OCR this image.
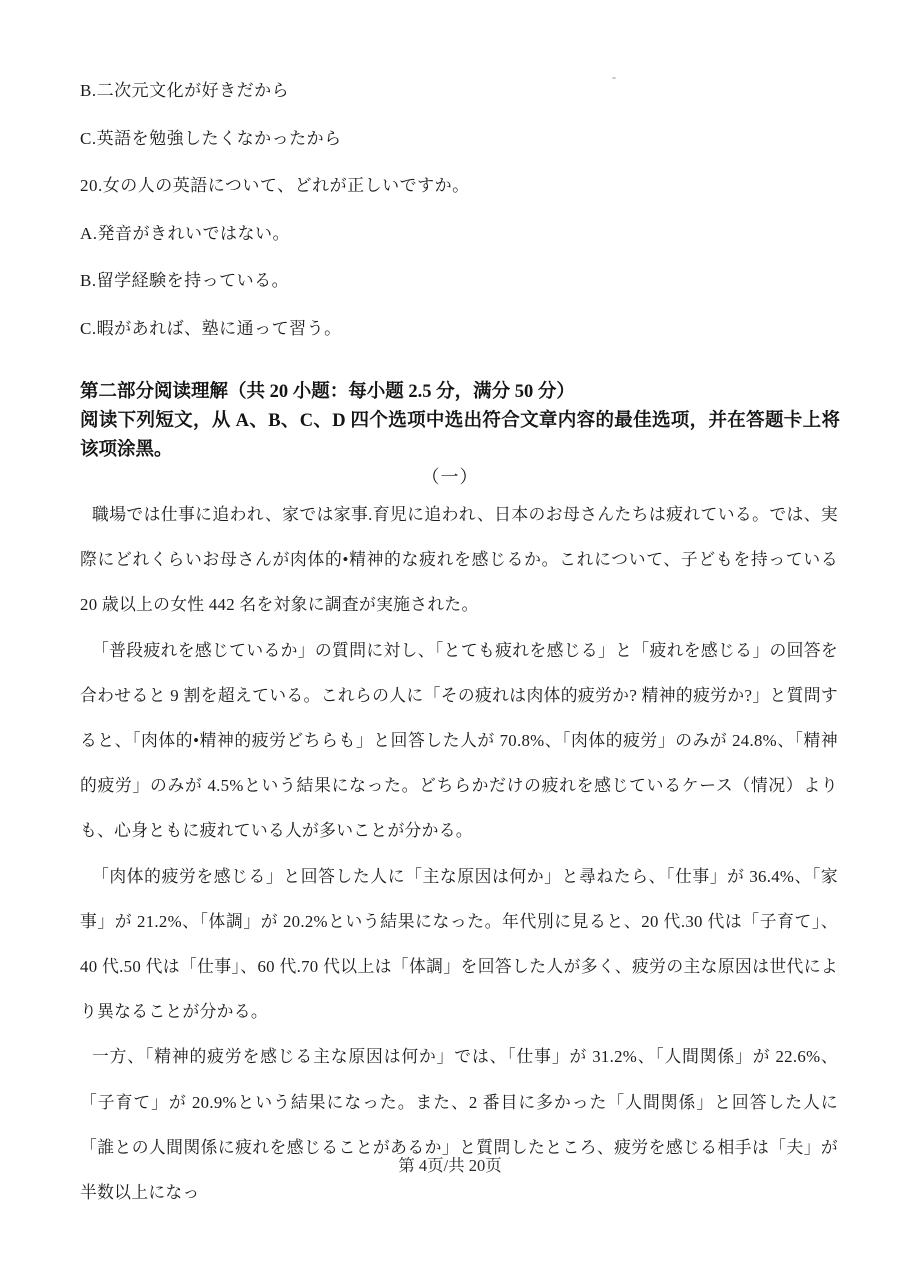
B.二次元文化が好きだから
C.英語を勉強したくなかったから
20.女の人の英語について、どれが正しいですか。
A.発音がきれいではない。
B.留学経験を持っている。
C.暇があれば、塾に通って習う。
第二部分阅读理解（共 20 小题：每小题 2.5 分，满分 50 分）
阅读下列短文，从 A、B、C、D 四个选项中选出符合文章内容的最佳选项，并在答题卡上将该项涂黑。
（一）

職場では仕事に追われ、家では家事.育児に追われ、日本のお母さんたちは疲れている。では、実際にどれくらいお母さんが肉体的•精神的な疲れを感じるか。これについて、子どもを持っている 20 歳以上の女性 442 名を対象に調査が実施された。

「普段疲れを感じているか」の質問に対し、「とても疲れを感じる」と「疲れを感じる」の回答を合わせると 9 割を超えている。これらの人に「その疲れは肉体的疲労か? 精神的疲労か?」と質問すると、「肉体的•精神的疲労どちらも」と回答した人が 70.8%、「肉体的疲労」のみが 24.8%、「精神的疲労」のみが 4.5%という結果になった。どちらかだけの疲れを感じているケース（情况）よりも、心身ともに疲れている人が多いことが分かる。

「肉体的疲労を感じる」と回答した人に「主な原因は何か」と尋ねたら、「仕事」が 36.4%、「家事」が 21.2%、「体調」が 20.2%という結果になった。年代別に見ると、20 代.30 代は「子育て」、40 代.50 代は「仕事」、60 代.70 代以上は「体調」を回答した人が多く、疲労の主な原因は世代により異なることが分かる。

一方、「精神的疲労を感じる主な原因は何か」では、「仕事」が 31.2%、「人間関係」が 22.6%、「子育て」が 20.9%という結果になった。また、2 番目に多かった「人間関係」と回答した人に「誰との人間関係に疲れを感じることがあるか」と質問したところ、疲労を感じる相手は「夫」が半数以上になっ

第 4页/共 20页
